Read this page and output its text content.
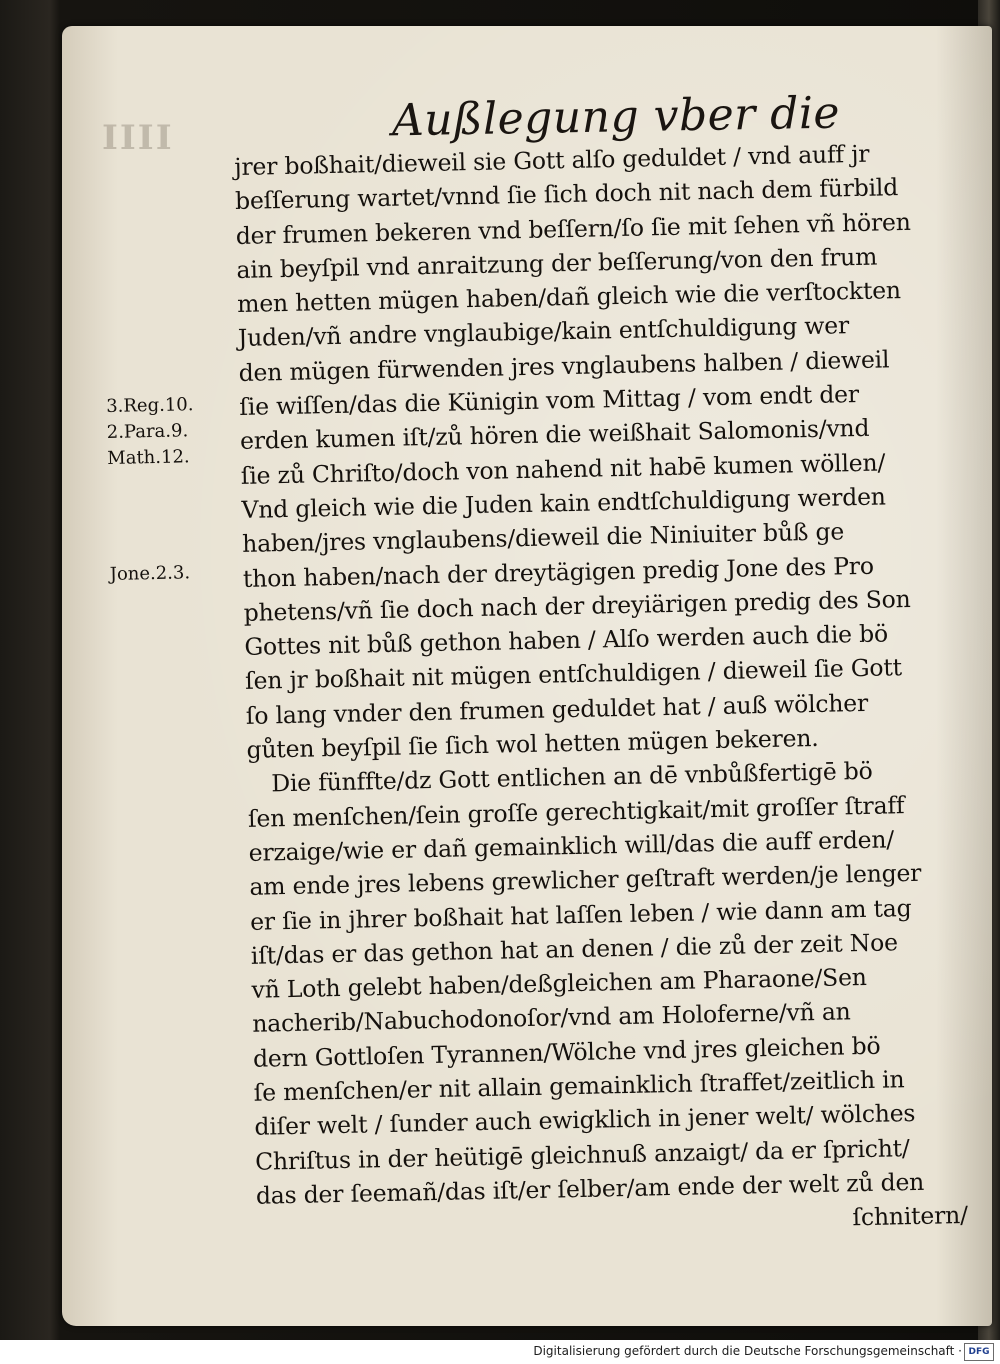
ΙΙΙΙ	Außlegung vber die
3.Reg.10.
2.Para.9.
Math.12.
Jone.2.3.
jrer boßhait/dieweil sie Gott alſo geduldet / vnd auff jr
beſſerung wartet/vnnd ſie ſich doch nit nach dem fürbild
der frumen bekeren vnd beſſern/ſo ſie mit ſehen vñ hören
ain beyſpil vnd anraitzung der beſſerung/von den frum
men hetten mügen haben/dañ gleich wie die verſtockten
Juden/vñ andre vnglaubige/kain entſchuldigung wer
den mügen fürwenden jres vnglaubens halben / dieweil
ſie wiſſen/das die Künigin vom Mittag / vom endt der
erden kumen iſt/zů hören die weißhait Salomonis/vnd
ſie zů Chriſto/doch von nahend nit habē kumen wöllen/
Vnd gleich wie die Juden kain endtſchuldigung werden
haben/jres vnglaubens/dieweil die Niniuiter bůß ge
thon haben/nach der dreytägigen predig Jone des Pro
phetens/vñ ſie doch nach der dreyiärigen predig des Son
Gottes nit bůß gethon haben / Alſo werden auch die bö
ſen jr boßhait nit mügen entſchuldigen / dieweil ſie Gott
ſo lang vnder den frumen geduldet hat / auß wölcher
gůten beyſpil ſie ſich wol hetten mügen bekeren.
Die fünffte/dz Gott entlichen an dē vnbůßfertigē bö
ſen menſchen/ſein groſſe gerechtigkait/mit groſſer ſtraff
erzaige/wie er dañ gemainklich will/das die auff erden/
am ende jres lebens grewlicher geſtraft werden/je lenger
er ſie in jhrer boßhait hat laſſen leben / wie dann am tag
iſt/das er das gethon hat an denen / die zů der zeit Noe
vñ Loth gelebt haben/deßgleichen am Pharaone/Sen
nacherib/Nabuchodonoſor/vnd am Holoferne/vñ an
dern Gottloſen Tyrannen/Wölche vnd jres gleichen bö
ſe menſchen/er nit allain gemainklich ſtraffet/zeitlich in
diſer welt / ſunder auch ewigklich in jener welt/ wölches
Chriſtus in der heütigē gleichnuß anzaigt/ da er ſpricht/
das der ſeemañ/das iſt/er ſelber/am ende der welt zů den
ſchnitern/
Digitalisierung gefördert durch die Deutsche Forschungsgemeinschaft · DFG
